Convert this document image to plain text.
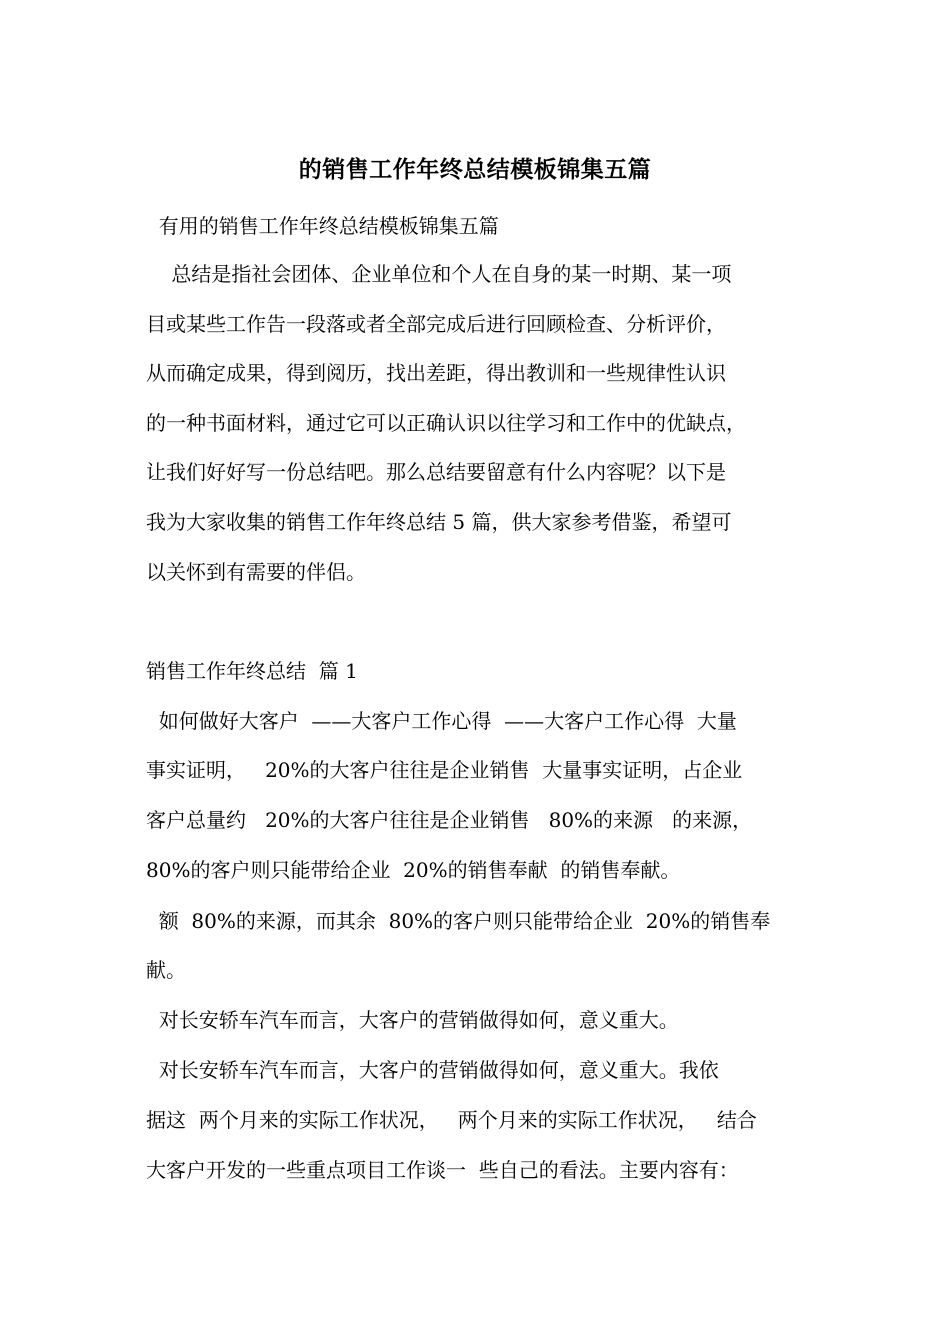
的销售工作年终总结模板锦集五篇
有用的销售工作年终总结模板锦集五篇
总结是指社会团体、企业单位和个人在自身的某一时期、某一项
目或某些工作告一段落或者全部完成后进行回顾检查、分析评价，
从而确定成果，得到阅历，找出差距，得出教训和一些规律性认识
的一种书面材料，通过它可以正确认识以往学习和工作中的优缺点，
让我们好好写一份总结吧。那么总结要留意有什么内容呢？以下是
我为大家收集的销售工作年终总结 5 篇，供大家参考借鉴，希望可
以关怀到有需要的伴侣。
销售工作年终总结  篇 1
如何做好大客户  ——大客户工作心得  ——大客户工作心得  大量
事实证明，   20%的大客户往往是企业销售  大量事实证明，占企业
客户总量约   20%的大客户往往是企业销售   80%的来源   的来源，
80%的客户则只能带给企业  20%的销售奉献  的销售奉献。
额  80%的来源，而其余  80%的客户则只能带给企业  20%的销售奉
献。
对长安轿车汽车而言，大客户的营销做得如何，意义重大。
对长安轿车汽车而言，大客户的营销做得如何，意义重大。我依
据这  两个月来的实际工作状况，   两个月来的实际工作状况，   结合
大客户开发的一些重点项目工作谈一  些自己的看法。主要内容有：
